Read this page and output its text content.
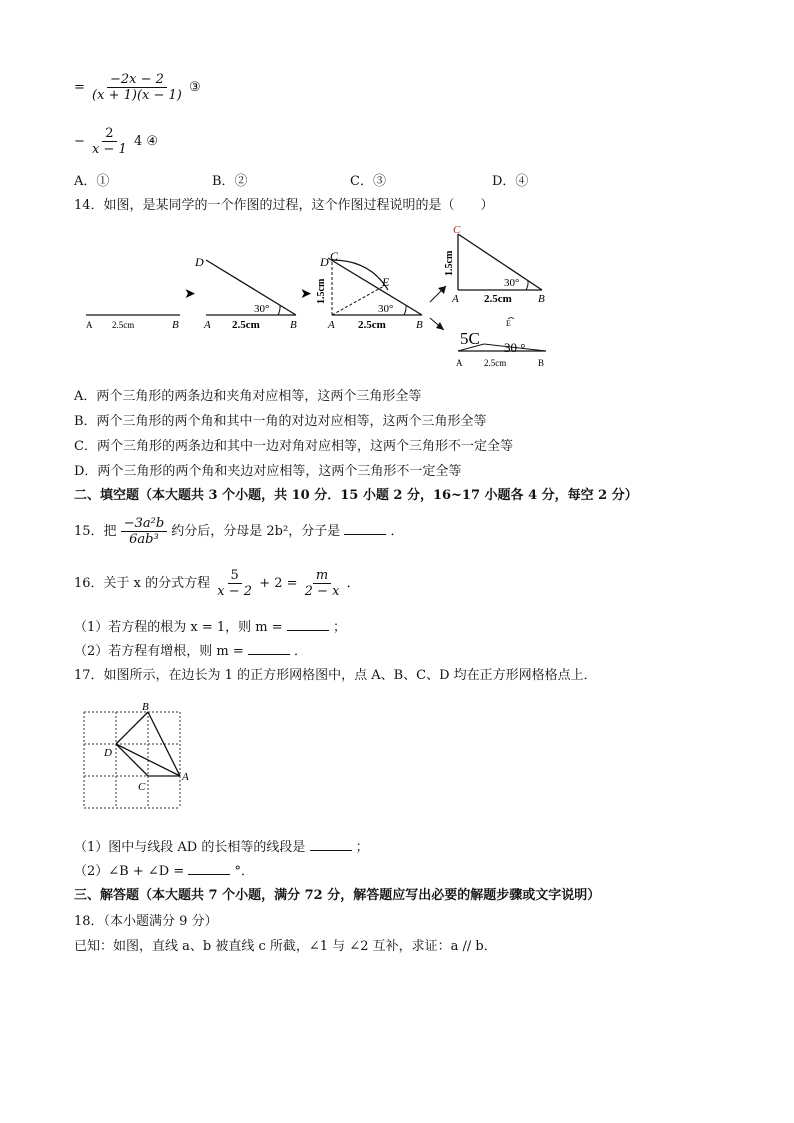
= $\frac{-2x - 2}{(x + 1)(x - 1)}$ ③
− $\frac{2}{x - 1} 4$ ④
A．①	B．②	C．③	D．④
14．如图，是某同学的一个作图的过程，这个作图过程说明的是（　　）
A 2.5cm	B
➤
D
A 2.5cm	B
30°
➤
D C
E
A 2.5cm	B
30°
1.5cm
C
A 2.5cm B
30°
1.5cm
5C
E
30 °
A 2.5cm	B
A．两个三角形的两条边和夹角对应相等，这两个三角形全等
B．两个三角形的两个角和其中一角的对边对应相等，这两个三角形全等
C．两个三角形的两条边和其中一边对角对应相等，这两个三角形不一定全等
D．两个三角形的两个角和夹边对应相等，这两个三角形不一定全等
二、填空题（本大题共 3 个小题，共 10 分．15 小题 2 分，16~17 小题各 4 分，每空 2 分）
15．把 $\frac{\text{−3a²b}}{\text{6ab³}}$ 约分后，分母是 2b²，分子是	．
16．关于 x 的分式方程 $\frac{5}{x - 2} + 2 = \frac{m}{2 - x}$ ．
（1）若方程的根为 x = 1，则 m =	；
（2）若方程有增根，则 m =	．
17．如图所示，在边长为 1 的正方形网格图中，点 A、B、C、D 均在正方形网格格点上．
B
D
A
C
（1）图中与线段 AD 的长相等的线段是	；
（2）∠B + ∠D =	°．
三、解答题（本大题共 7 个小题，满分 72 分，解答题应写出必要的解题步骤或文字说明）
18．（本小题满分 9 分）
已知：如图，直线 a、b 被直线 c 所截，∠1 与 ∠2 互补，求证：a // b．
